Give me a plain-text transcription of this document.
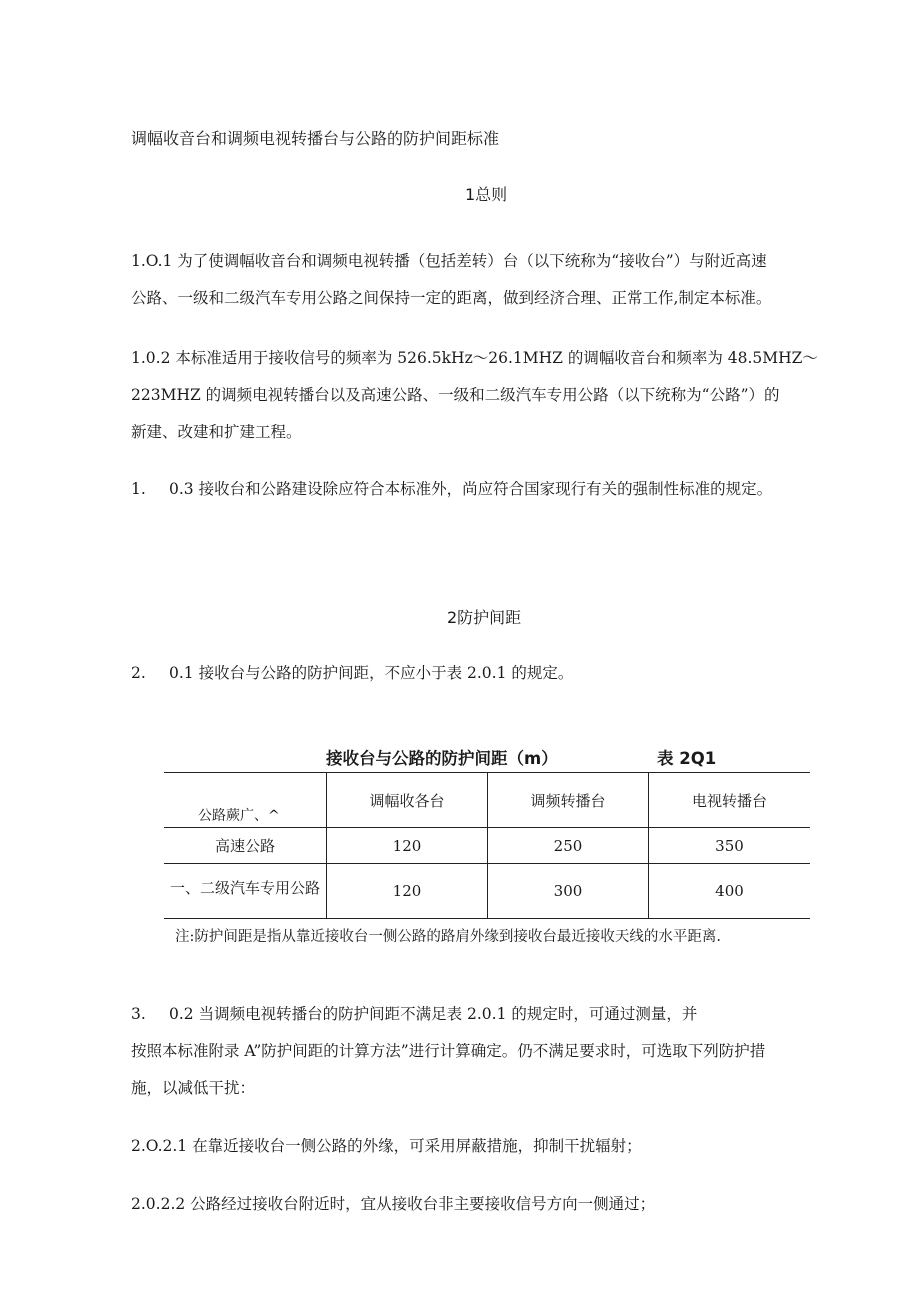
调幅收音台和调频电视转播台与公路的防护间距标准
1总则
1.O.1 为了使调幅收音台和调频电视转播（包括差转）台（以下统称为“接收台”）与附近高速
公路、一级和二级汽车专用公路之间保持一定的距离，做到经济合理、正常工作,制定本标准。
1.0.2 本标准适用于接收信号的频率为 526.5kHz～26.1MHZ 的调幅收音台和频率为 48.5MHZ～
223MHZ 的调频电视转播台以及高速公路、一级和二级汽车专用公路（以下统称为“公路”）的
新建、改建和扩建工程。
1. 0.3 接收台和公路建设除应符合本标准外，尚应符合国家现行有关的强制性标准的规定。
2防护间距
2. 0.1 接收台与公路的防护间距，不应小于表 2.0.1 的规定。
接收台与公路的防护间距（m）	表 2Q1
公路蕨广、^	调幅收各台	调频转播台	电视转播台
高速公路	120	250	350

一、二级汽车专用公路	120	300	400
注:防护间距是指从靠近接收台一侧公路的路肩外缘到接收台最近接收天线的水平距离.
3. 0.2 当调频电视转播台的防护间距不满足表 2.0.1 的规定时，可通过测量，并
按照本标准附录 A”防护间距的计算方法”进行计算确定。仍不满足要求时，可选取下列防护措
施，以减低干扰：
2.O.2.1 在靠近接收台一侧公路的外缘，可采用屏蔽措施，抑制干扰辐射；
2.0.2.2 公路经过接收台附近时，宜从接收台非主要接收信号方向一侧通过；
